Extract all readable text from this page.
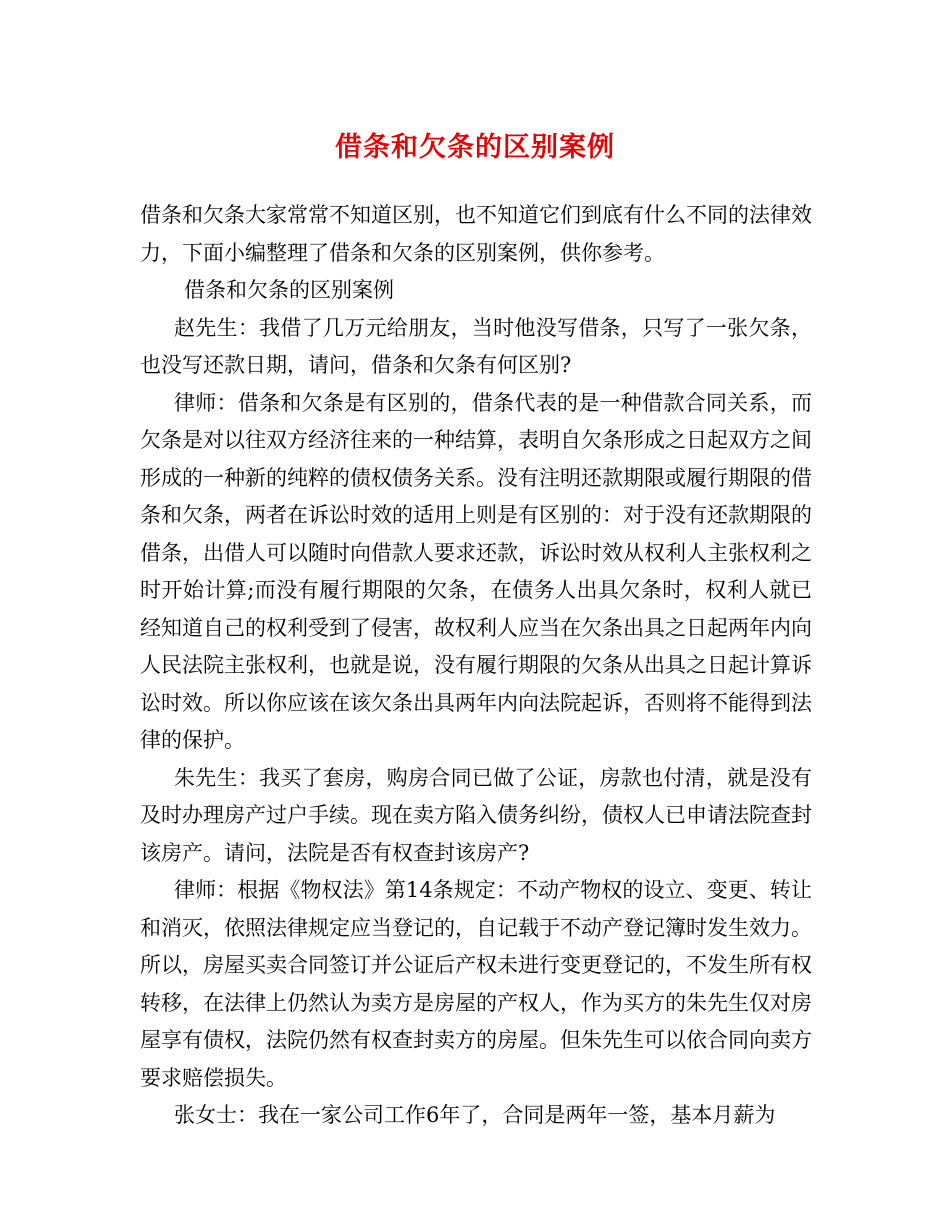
借条和欠条的区别案例

借条和欠条大家常常不知道区别，也不知道它们到底有什么不同的法律效力，下面小编整理了借条和欠条的区别案例，供你参考。

借条和欠条的区别案例

赵先生：我借了几万元给朋友，当时他没写借条，只写了一张欠条，也没写还款日期，请问，借条和欠条有何区别?

律师：借条和欠条是有区别的，借条代表的是一种借款合同关系，而欠条是对以往双方经济往来的一种结算，表明自欠条形成之日起双方之间形成的一种新的纯粹的债权债务关系。没有注明还款期限或履行期限的借条和欠条，两者在诉讼时效的适用上则是有区别的：对于没有还款期限的借条，出借人可以随时向借款人要求还款，诉讼时效从权利人主张权利之时开始计算;而没有履行期限的欠条，在债务人出具欠条时，权利人就已经知道自己的权利受到了侵害，故权利人应当在欠条出具之日起两年内向人民法院主张权利，也就是说，没有履行期限的欠条从出具之日起计算诉讼时效。所以你应该在该欠条出具两年内向法院起诉，否则将不能得到法律的保护。

朱先生：我买了套房，购房合同已做了公证，房款也付清，就是没有及时办理房产过户手续。现在卖方陷入债务纠纷，债权人已申请法院查封该房产。请问，法院是否有权查封该房产?

律师：根据《物权法》第14条规定：不动产物权的设立、变更、转让和消灭，依照法律规定应当登记的，自记载于不动产登记簿时发生效力。所以，房屋买卖合同签订并公证后产权未进行变更登记的，不发生所有权转移，在法律上仍然认为卖方是房屋的产权人，作为买方的朱先生仅对房屋享有债权，法院仍然有权查封卖方的房屋。但朱先生可以依合同向卖方要求赔偿损失。

张女士：我在一家公司工作6年了，合同是两年一签，基本月薪为
